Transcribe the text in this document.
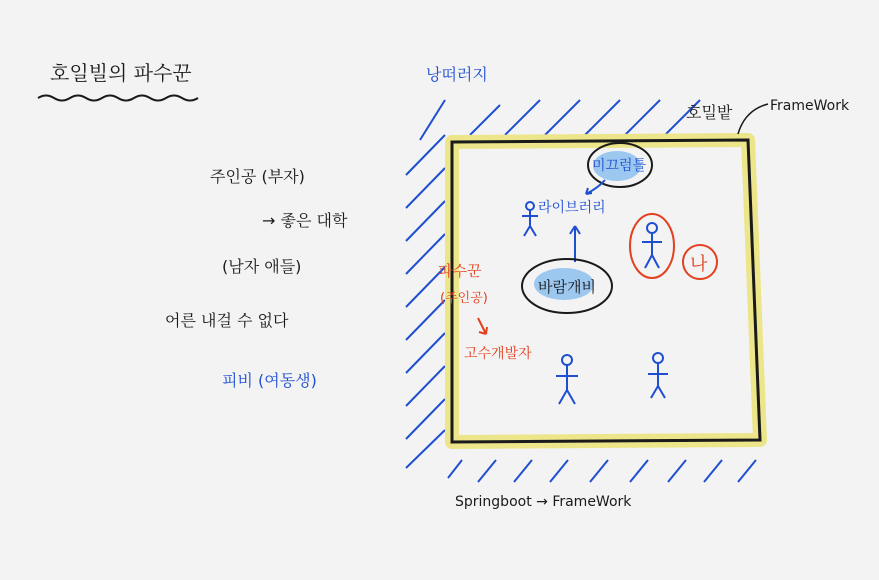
호일빌의 파수꾼
주인공 (부자)
→ 좋은 대학
(남자 애들)
어른 내걸 수 없다
피비 (여동생)
낭떠러지
호밀밭	FrameWork
Springboot → FrameWork
미끄럼틀
라이브러리
바람개비
나
파수꾼
(주인공)
고수개발자
